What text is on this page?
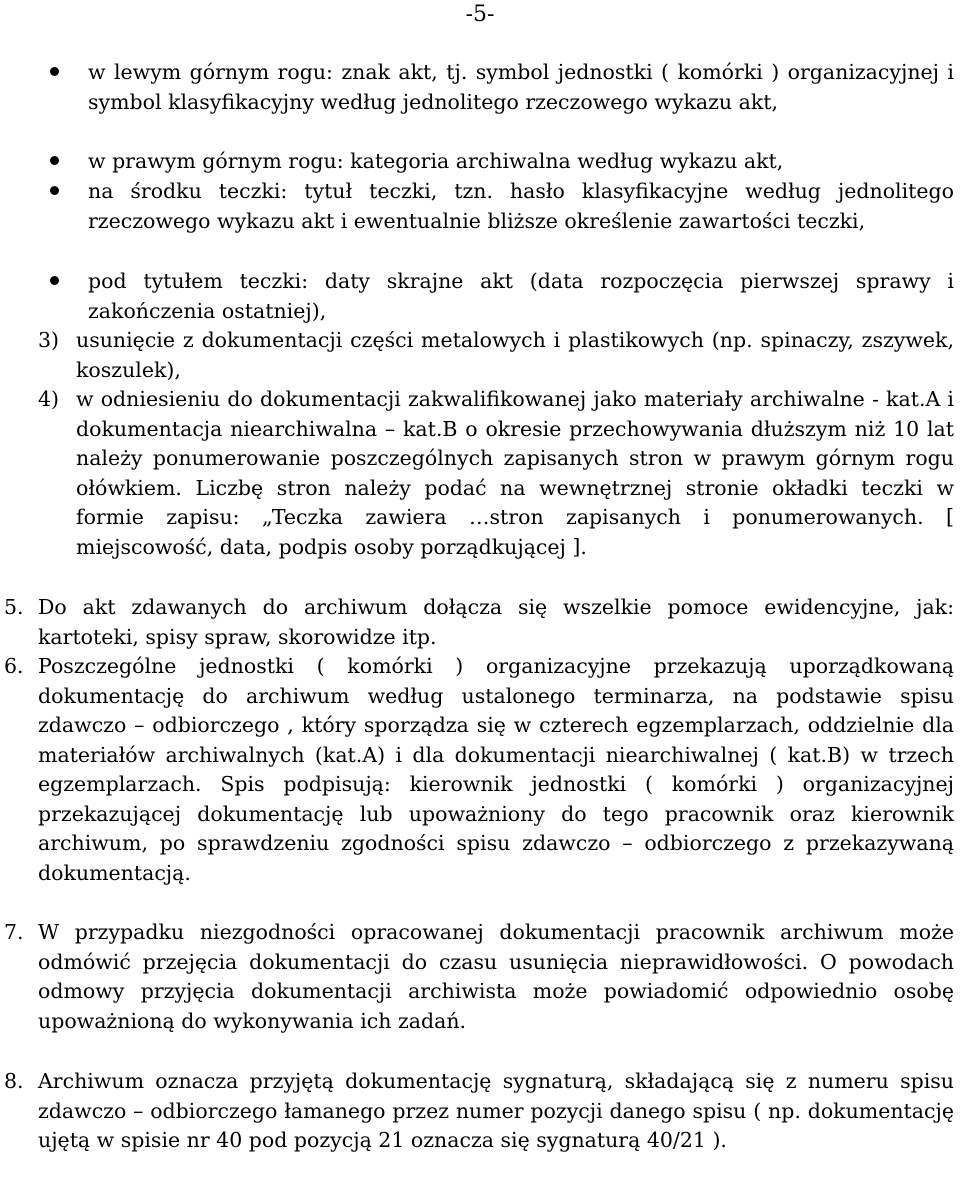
-5-
w lewym górnym rogu: znak akt, tj. symbol jednostki ( komórki ) organizacyjnej i symbol klasyfikacyjny według jednolitego rzeczowego wykazu akt,
w prawym górnym rogu: kategoria archiwalna według wykazu akt,
na środku teczki: tytuł teczki, tzn. hasło klasyfikacyjne według jednolitego rzeczowego wykazu akt i ewentualnie bliższe określenie zawartości teczki,
pod tytułem teczki: daty skrajne akt (data rozpoczęcia pierwszej sprawy i zakończenia ostatniej),
3) usunięcie z dokumentacji części metalowych i plastikowych (np. spinaczy, zszywek, koszulek),
4) w odniesieniu do dokumentacji zakwalifikowanej jako materiały archiwalne - kat.A i dokumentacja niearchiwalna – kat.B o okresie przechowywania dłuższym niż 10 lat należy ponumerowanie poszczególnych zapisanych stron w prawym górnym rogu ołówkiem. Liczbę stron należy podać na wewnętrznej stronie okładki teczki w formie zapisu: „Teczka zawiera …stron zapisanych i ponumerowanych. [ miejscowość, data, podpis osoby porządkującej ].
5. Do akt zdawanych do archiwum dołącza się wszelkie pomoce ewidencyjne, jak: kartoteki, spisy spraw, skorowidze itp.
6. Poszczególne jednostki ( komórki ) organizacyjne przekazują uporządkowaną dokumentację do archiwum według ustalonego terminarza, na podstawie spisu zdawczo – odbiorczego , który sporządza się w czterech egzemplarzach, oddzielnie dla materiałów archiwalnych (kat.A) i dla dokumentacji niearchiwalnej ( kat.B) w trzech egzemplarzach. Spis podpisują: kierownik jednostki ( komórki ) organizacyjnej przekazującej dokumentację lub upoważniony do tego pracownik oraz kierownik archiwum, po sprawdzeniu zgodności spisu zdawczo – odbiorczego z przekazywaną dokumentacją.
7. W przypadku niezgodności opracowanej dokumentacji pracownik archiwum może odmówić przejęcia dokumentacji do czasu usunięcia nieprawidłowości. O powodach odmowy przyjęcia dokumentacji archiwista może powiadomić odpowiednio osobę upoważnioną do wykonywania ich zadań.
8. Archiwum oznacza przyjętą dokumentację sygnaturą, składającą się z numeru spisu zdawczo – odbiorczego łamanego przez numer pozycji danego spisu ( np. dokumentację ujętą w spisie nr 40 pod pozycją 21 oznacza się sygnaturą 40/21 ).
